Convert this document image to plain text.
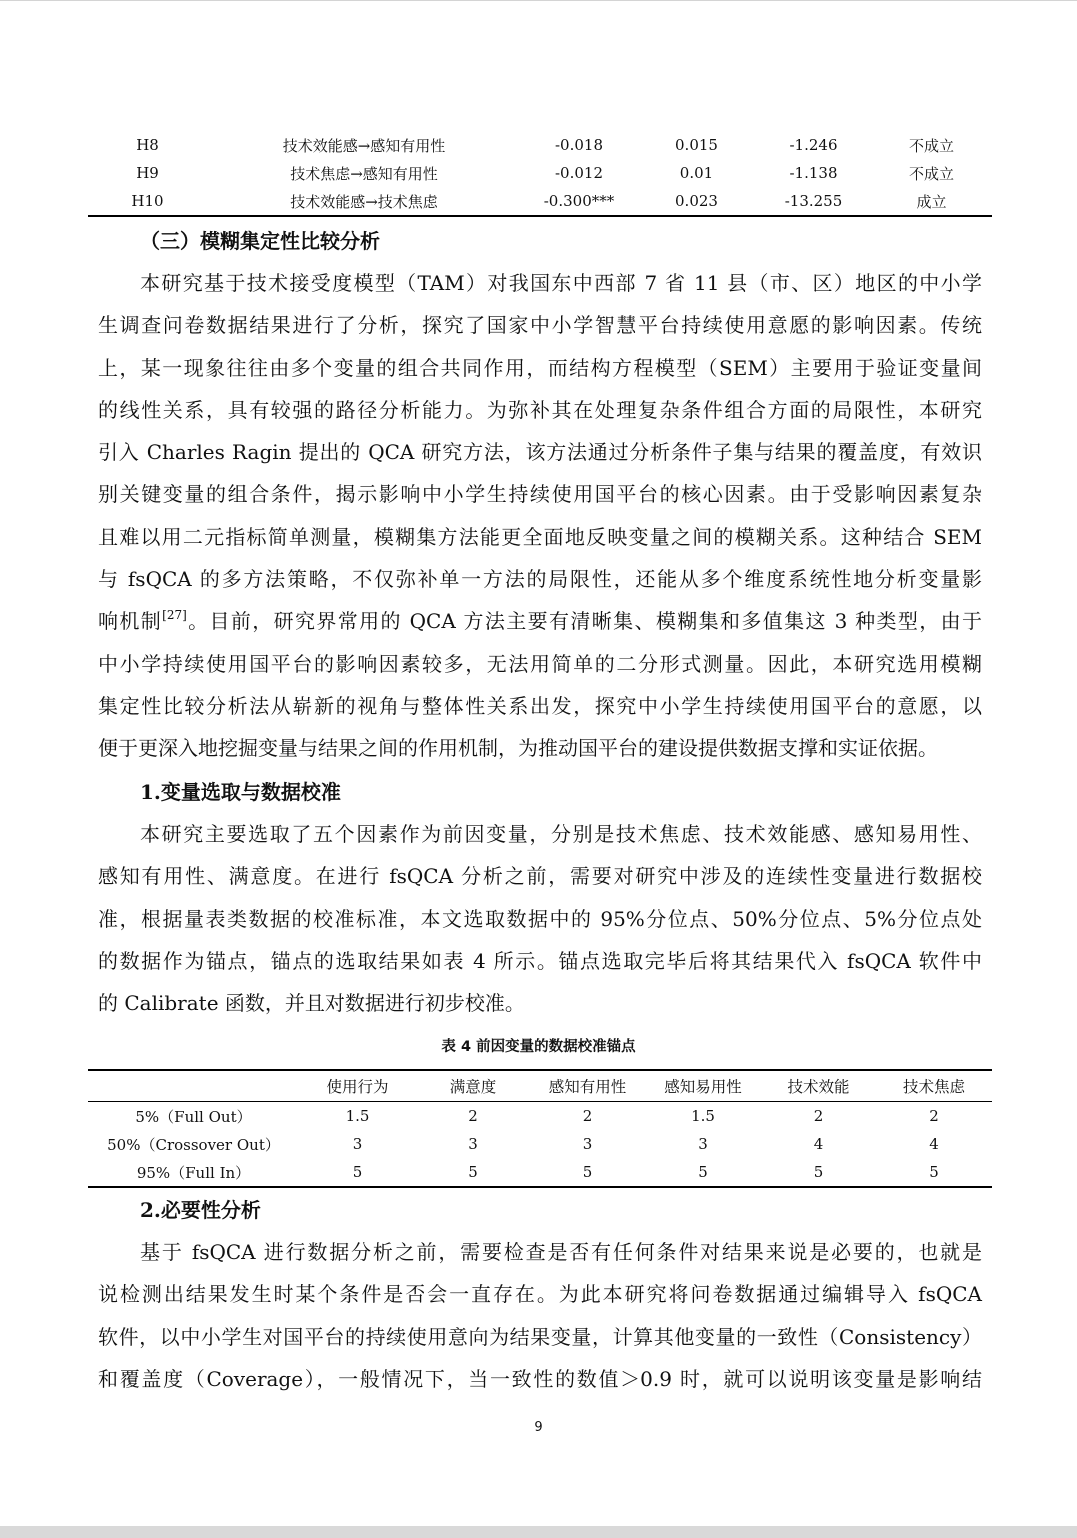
H8	技术效能感→感知有用性	-0.018	0.015	-1.246	不成立
H9	技术焦虑→感知有用性	-0.012	0.01	-1.138	不成立
H10	技术效能感→技术焦虑	-0.300***	0.023	-13.255	成立
（三）模糊集定性比较分析
本研究基于技术接受度模型（TAM）对我国东中西部 7 省 11 县（市、区）地区的中小学
生调查问卷数据结果进行了分析，探究了国家中小学智慧平台持续使用意愿的影响因素。传统
上，某一现象往往由多个变量的组合共同作用，而结构方程模型（SEM）主要用于验证变量间
的线性关系，具有较强的路径分析能力。为弥补其在处理复杂条件组合方面的局限性，本研究
引入 Charles Ragin 提出的 QCA 研究方法，该方法通过分析条件子集与结果的覆盖度，有效识
别关键变量的组合条件，揭示影响中小学生持续使用国平台的核心因素。由于受影响因素复杂
且难以用二元指标简单测量，模糊集方法能更全面地反映变量之间的模糊关系。这种结合 SEM
与 fsQCA 的多方法策略，不仅弥补单一方法的局限性，还能从多个维度系统性地分析变量影
响机制[27]。目前，研究界常用的 QCA 方法主要有清晰集、模糊集和多值集这 3 种类型，由于
中小学持续使用国平台的影响因素较多，无法用简单的二分形式测量。因此，本研究选用模糊
集定性比较分析法从崭新的视角与整体性关系出发，探究中小学生持续使用国平台的意愿，以
便于更深入地挖掘变量与结果之间的作用机制，为推动国平台的建设提供数据支撑和实证依据。
1.变量选取与数据校准
本研究主要选取了五个因素作为前因变量，分别是技术焦虑、技术效能感、感知易用性、
感知有用性、满意度。在进行 fsQCA 分析之前，需要对研究中涉及的连续性变量进行数据校
准，根据量表类数据的校准标准，本文选取数据中的 95%分位点、50%分位点、5%分位点处
的数据作为锚点，锚点的选取结果如表 4 所示。锚点选取完毕后将其结果代入 fsQCA 软件中
的 Calibrate 函数，并且对数据进行初步校准。
表 4 前因变量的数据校准锚点
	使用行为	满意度	感知有用性	感知易用性	技术效能	技术焦虑
5%（Full Out）	1.5	2	2	1.5	2	2
50%（Crossover Out）	3	3	3	3	4	4
95%（Full In）	5	5	5	5	5	5
2.必要性分析
基于 fsQCA 进行数据分析之前，需要检查是否有任何条件对结果来说是必要的，也就是
说检测出结果发生时某个条件是否会一直存在。为此本研究将问卷数据通过编辑导入 fsQCA
软件，以中小学生对国平台的持续使用意向为结果变量，计算其他变量的一致性（Consistency）
和覆盖度（Coverage），一般情况下，当一致性的数值＞0.9 时，就可以说明该变量是影响结
9
